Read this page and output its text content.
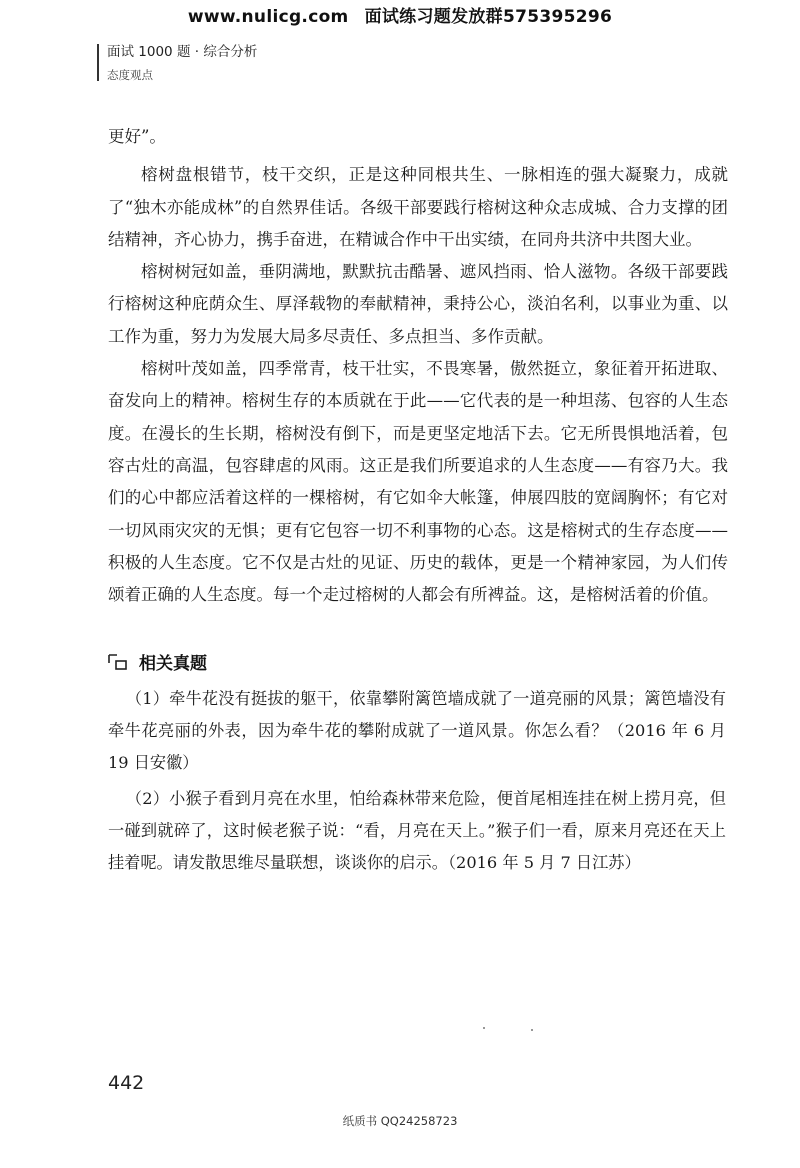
www.nulicg.com 面试练习题发放群575395296
面试 1000 题 · 综合分析
态度观点

更好”。

榕树盘根错节，枝干交织，正是这种同根共生、一脉相连的强大凝聚力，成就了“独木亦能成林”的自然界佳话。各级干部要践行榕树这种众志成城、合力支撑的团结精神，齐心协力，携手奋进，在精诚合作中干出实绩，在同舟共济中共图大业。

榕树树冠如盖，垂阴满地，默默抗击酷暑、遮风挡雨、恰人滋物。各级干部要践行榕树这种庇荫众生、厚泽载物的奉献精神，秉持公心，淡泊名利，以事业为重、以工作为重，努力为发展大局多尽责任、多点担当、多作贡献。

榕树叶茂如盖，四季常青，枝干壮实，不畏寒暑，傲然挺立，象征着开拓进取、奋发向上的精神。榕树生存的本质就在于此——它代表的是一种坦荡、包容的人生态度。在漫长的生长期，榕树没有倒下，而是更坚定地活下去。它无所畏惧地活着，包容古灶的高温，包容肆虐的风雨。这正是我们所要追求的人生态度——有容乃大。我们的心中都应活着这样的一棵榕树，有它如伞大帐篷，伸展四肢的宽阔胸怀；有它对一切风雨灾灾的无惧；更有它包容一切不利事物的心态。这是榕树式的生存态度——积极的人生态度。它不仅是古灶的见证、历史的载体，更是一个精神家园，为人们传颂着正确的人生态度。每一个走过榕树的人都会有所裨益。这，是榕树活着的价值。

相关真题

（1）牵牛花没有挺拔的躯干，依靠攀附篱笆墙成就了一道亮丽的风景；篱笆墙没有牵牛花亮丽的外表，因为牵牛花的攀附成就了一道风景。你怎么看？（2016 年 6 月 19 日安徽）

（2）小猴子看到月亮在水里，怕给森林带来危险，便首尾相连挂在树上捞月亮，但一碰到就碎了，这时候老猴子说：“看，月亮在天上。”猴子们一看，原来月亮还在天上挂着呢。请发散思维尽量联想，谈谈你的启示。（2016 年 5 月 7 日江苏）

442
纸质书 QQ24258723
